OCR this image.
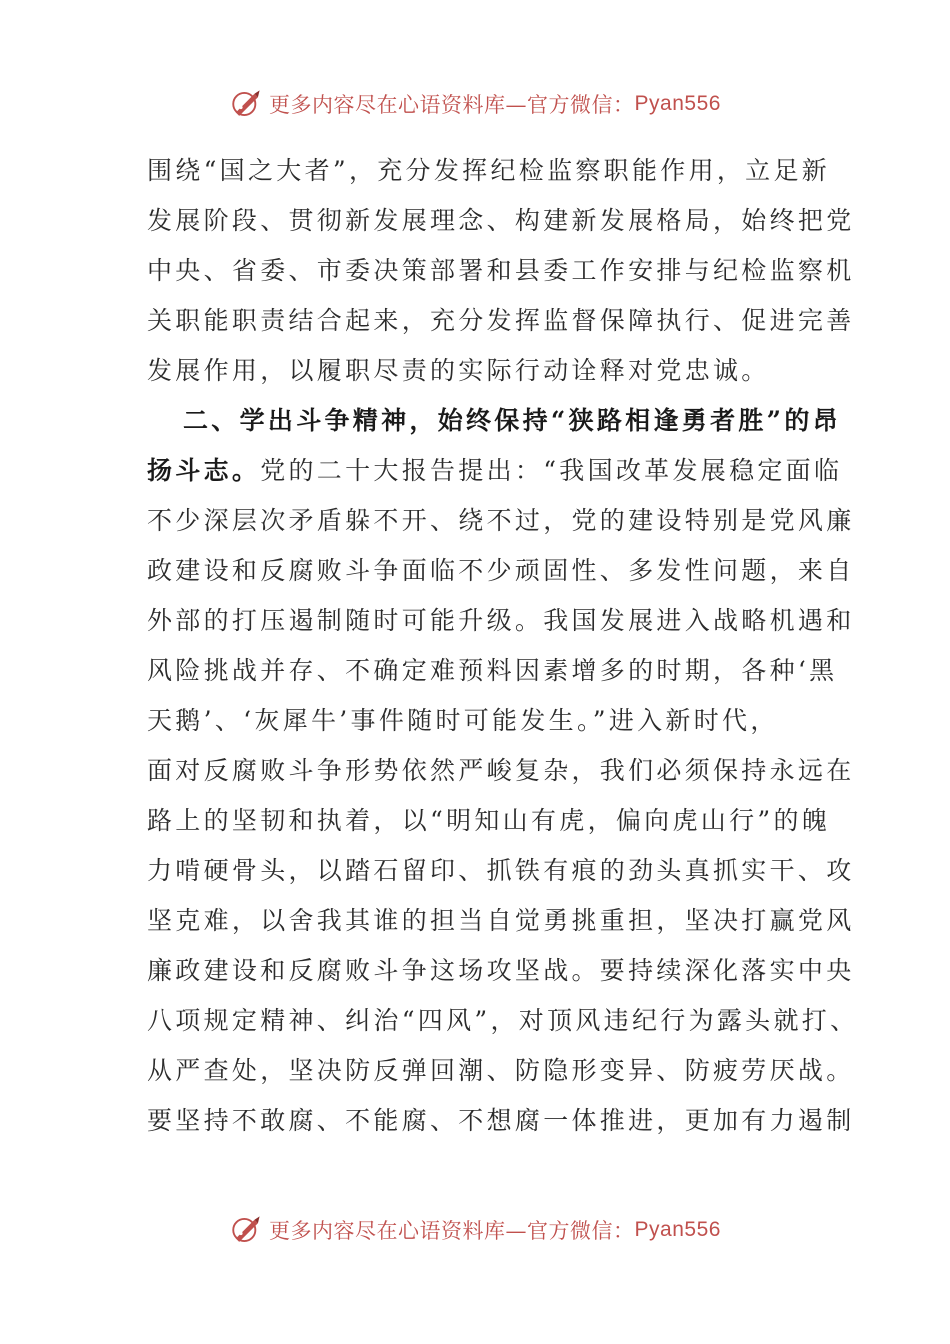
更多内容尽在心语资料库—官方微信： Pyan556
围绕“国之大者”，充分发挥纪检监察职能作用，立足新
发展阶段、贯彻新发展理念、构建新发展格局，始终把党
中央、省委、市委决策部署和县委工作安排与纪检监察机
关职能职责结合起来，充分发挥监督保障执行、促进完善
发展作用，以履职尽责的实际行动诠释对党忠诚。
二、学出斗争精神，始终保持“狭路相逢勇者胜”的昂
扬斗志。党的二十大报告提出：“我国改革发展稳定面临
不少深层次矛盾躲不开、绕不过，党的建设特别是党风廉
政建设和反腐败斗争面临不少顽固性、多发性问题，来自
外部的打压遏制随时可能升级。我国发展进入战略机遇和
风险挑战并存、不确定难预料因素增多的时期，各种‘黑
天鹅’、‘灰犀牛’事件随时可能发生。”进入新时代，
面对反腐败斗争形势依然严峻复杂，我们必须保持永远在
路上的坚韧和执着，以“明知山有虎，偏向虎山行”的魄
力啃硬骨头，以踏石留印、抓铁有痕的劲头真抓实干、攻
坚克难，以舍我其谁的担当自觉勇挑重担，坚决打赢党风
廉政建设和反腐败斗争这场攻坚战。要持续深化落实中央
八项规定精神、纠治“四风”，对顶风违纪行为露头就打、
从严查处，坚决防反弹回潮、防隐形变异、防疲劳厌战。
要坚持不敢腐、不能腐、不想腐一体推进，更加有力遏制
更多内容尽在心语资料库—官方微信： Pyan556
